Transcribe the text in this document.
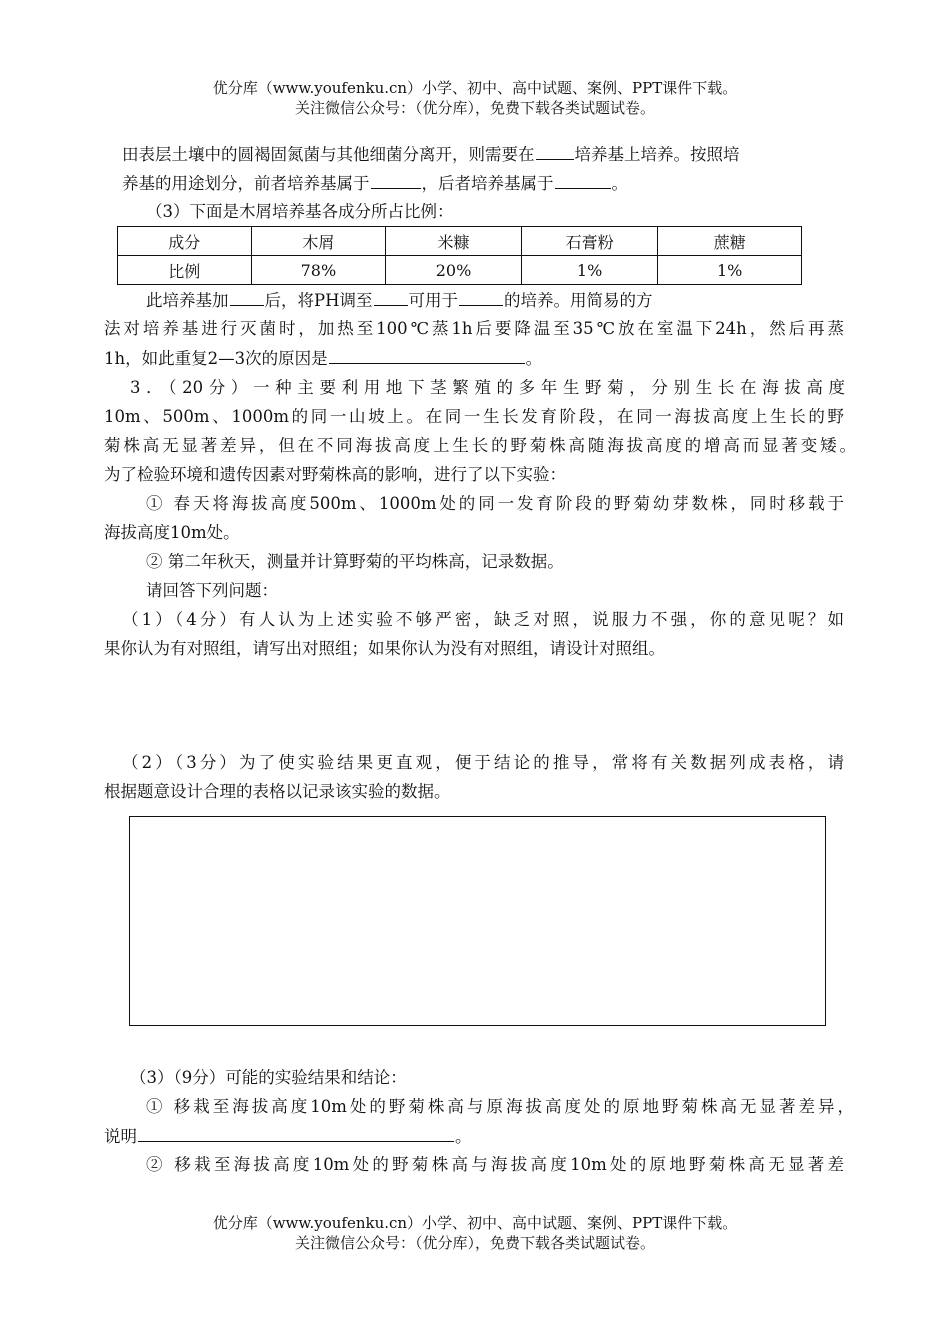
优分库（www.youfenku.cn）小学、初中、高中试题、案例、PPT课件下载。
关注微信公众号：（优分库），免费下载各类试题试卷。
田表层土壤中的圆褐固氮菌与其他细菌分离开，则需要在 培养基上培养。按照培
养基的用途划分，前者培养基属于	，后者培养基属于	。
（3）下面是木屑培养基各成分所占比例：
成分	木屑	米糠	石膏粉	蔗糖
比例	78%	20%	1%	1%
此培养基加 后，将PH调至 可用于	的培养。用简易的方
法对培养基进行灭菌时，加热至100℃蒸1h后要降温至35℃放在室温下24h，然后再蒸
1h，如此重复2—3次的原因是	。
3．（20分）一种主要利用地下茎繁殖的多年生野菊，分别生长在海拔高度
10m、500m、1000m的同一山坡上。在同一生长发育阶段，在同一海拔高度上生长的野
菊株高无显著差异，但在不同海拔高度上生长的野菊株高随海拔高度的增高而显著变矮。
为了检验环境和遗传因素对野菊株高的影响，进行了以下实验：
① 春天将海拔高度500m、1000m处的同一发育阶段的野菊幼芽数株，同时移载于
海拔高度10m处。
② 第二年秋天，测量并计算野菊的平均株高，记录数据。
请回答下列问题：
（1）（4分）有人认为上述实验不够严密，缺乏对照，说服力不强，你的意见呢？如
果你认为有对照组，请写出对照组；如果你认为没有对照组，请设计对照组。
（2）（3分）为了使实验结果更直观，便于结论的推导，常将有关数据列成表格，请
根据题意设计合理的表格以记录该实验的数据。
（3）（9分）可能的实验结果和结论：
① 移栽至海拔高度10m处的野菊株高与原海拔高度处的原地野菊株高无显著差异，
说明	。
② 移栽至海拔高度10m处的野菊株高与海拔高度10m处的原地野菊株高无显著差
优分库（www.youfenku.cn）小学、初中、高中试题、案例、PPT课件下载。
关注微信公众号：（优分库），免费下载各类试题试卷。
